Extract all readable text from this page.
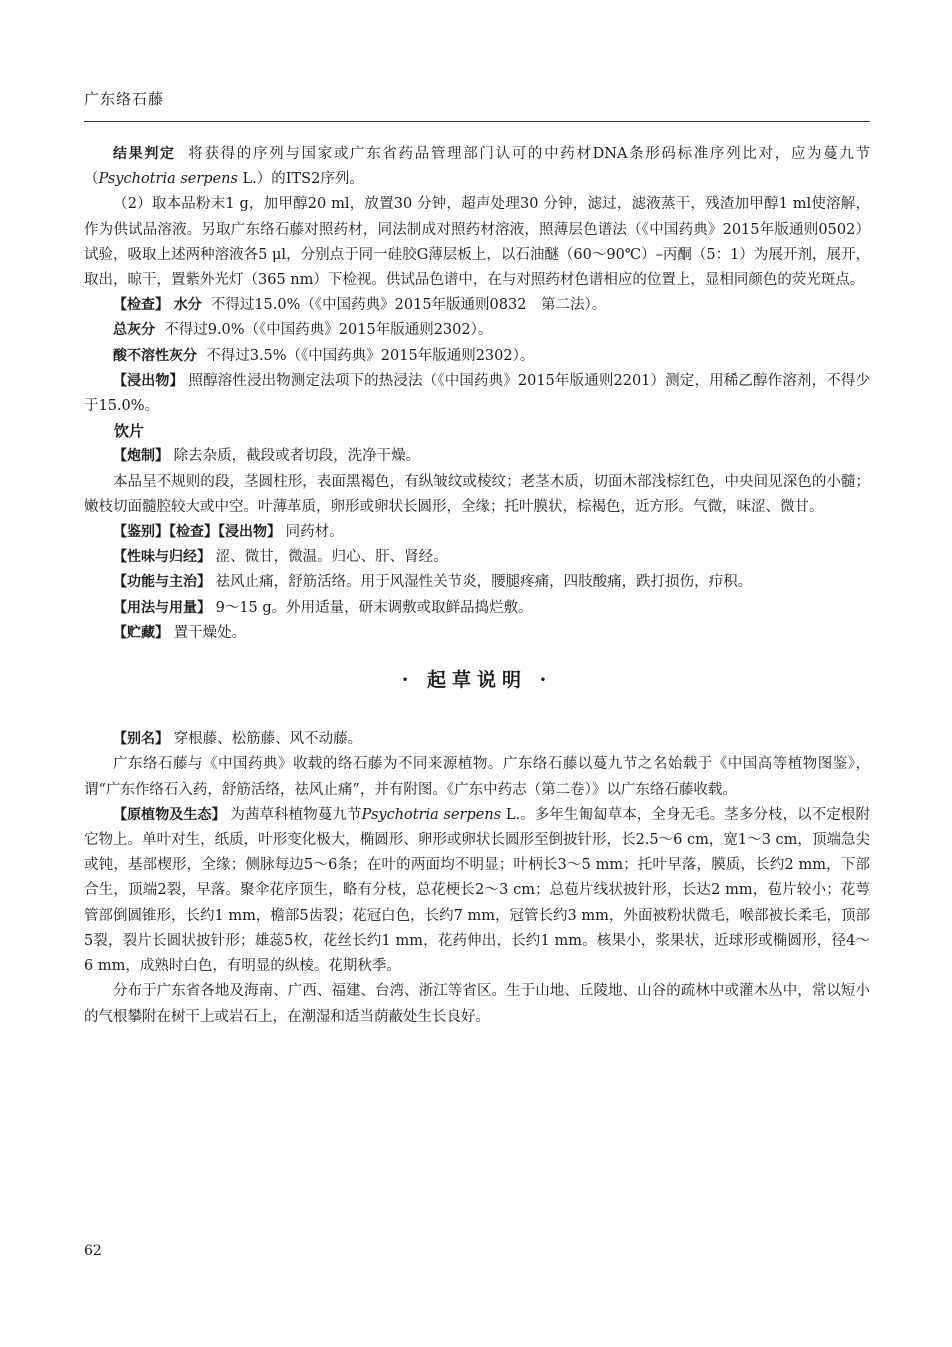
广东络石藤

结果判定 将获得的序列与国家或广东省药品管理部门认可的中药材DNA条形码标准序列比对，应为蔓九节（Psychotria serpens L.）的ITS2序列。

（2）取本品粉末1 g，加甲醇20 ml，放置30 分钟，超声处理30 分钟，滤过，滤液蒸干，残渣加甲醇1 ml使溶解，作为供试品溶液。另取广东络石藤对照药材，同法制成对照药材溶液，照薄层色谱法（《中国药典》2015年版通则0502）试验，吸取上述两种溶液各5 μl，分别点于同一硅胶G薄层板上，以石油醚（60～90℃）–丙酮（5：1）为展开剂，展开，取出，晾干，置紫外光灯（365 nm）下检视。供试品色谱中，在与对照药材色谱相应的位置上，显相同颜色的荧光斑点。

【检查】 水分 不得过15.0%（《中国药典》2015年版通则0832　第二法）。

总灰分 不得过9.0%（《中国药典》2015年版通则2302）。

酸不溶性灰分 不得过3.5%（《中国药典》2015年版通则2302）。

【浸出物】 照醇溶性浸出物测定法项下的热浸法（《中国药典》2015年版通则2201）测定，用稀乙醇作溶剂，不得少于15.0%。

饮片

【炮制】 除去杂质，截段或者切段，洗净干燥。

本品呈不规则的段，茎圆柱形，表面黑褐色，有纵皱纹或棱纹；老茎木质，切面木部浅棕红色，中央间见深色的小髓；嫩枝切面髓腔较大或中空。叶薄革质，卵形或卵状长圆形，全缘；托叶膜状，棕褐色，近方形。气微，味涩、微甘。

【鉴别】【检查】【浸出物】 同药材。

【性味与归经】 涩、微甘，微温。归心、肝、肾经。

【功能与主治】 祛风止痛，舒筋活络。用于风湿性关节炎，腰腿疼痛，四肢酸痛，跌打损伤，疖积。

【用法与用量】 9～15 g。外用适量，研末调敷或取鲜品捣烂敷。

【贮藏】 置干燥处。

· 起草说明 ·

【别名】 穿根藤、松筋藤、风不动藤。

广东络石藤与《中国药典》收载的络石藤为不同来源植物。广东络石藤以蔓九节之名始载于《中国高等植物图鉴》，谓“广东作络石入药，舒筋活络，祛风止痛”，并有附图。《广东中药志（第二卷）》以广东络石藤收载。

【原植物及生态】 为茜草科植物蔓九节Psychotria serpens L.。多年生匍匐草本，全身无毛。茎多分枝，以不定根附它物上。单叶对生，纸质，叶形变化极大，椭圆形、卵形或卵状长圆形至倒披针形，长2.5～6 cm，宽1～3 cm，顶端急尖或钝，基部楔形，全缘；侧脉每边5～6条；在叶的两面均不明显；叶柄长3～5 mm；托叶早落，膜质，长约2 mm，下部合生，顶端2裂，早落。聚伞花序顶生，略有分枝，总花梗长2～3 cm；总苞片线状披针形，长达2 mm，苞片较小；花萼管部倒圆锥形，长约1 mm，檐部5齿裂；花冠白色，长约7 mm，冠管长约3 mm，外面被粉状微毛，喉部被长柔毛，顶部5裂，裂片长圆状披针形；雄蕊5枚，花丝长约1 mm，花药伸出，长约1 mm。核果小，浆果状，近球形或椭圆形，径4～6 mm，成熟时白色，有明显的纵棱。花期秋季。

分布于广东省各地及海南、广西、福建、台湾、浙江等省区。生于山地、丘陵地、山谷的疏林中或灌木丛中，常以短小的气根攀附在树干上或岩石上，在潮湿和适当荫蔽处生长良好。

62
